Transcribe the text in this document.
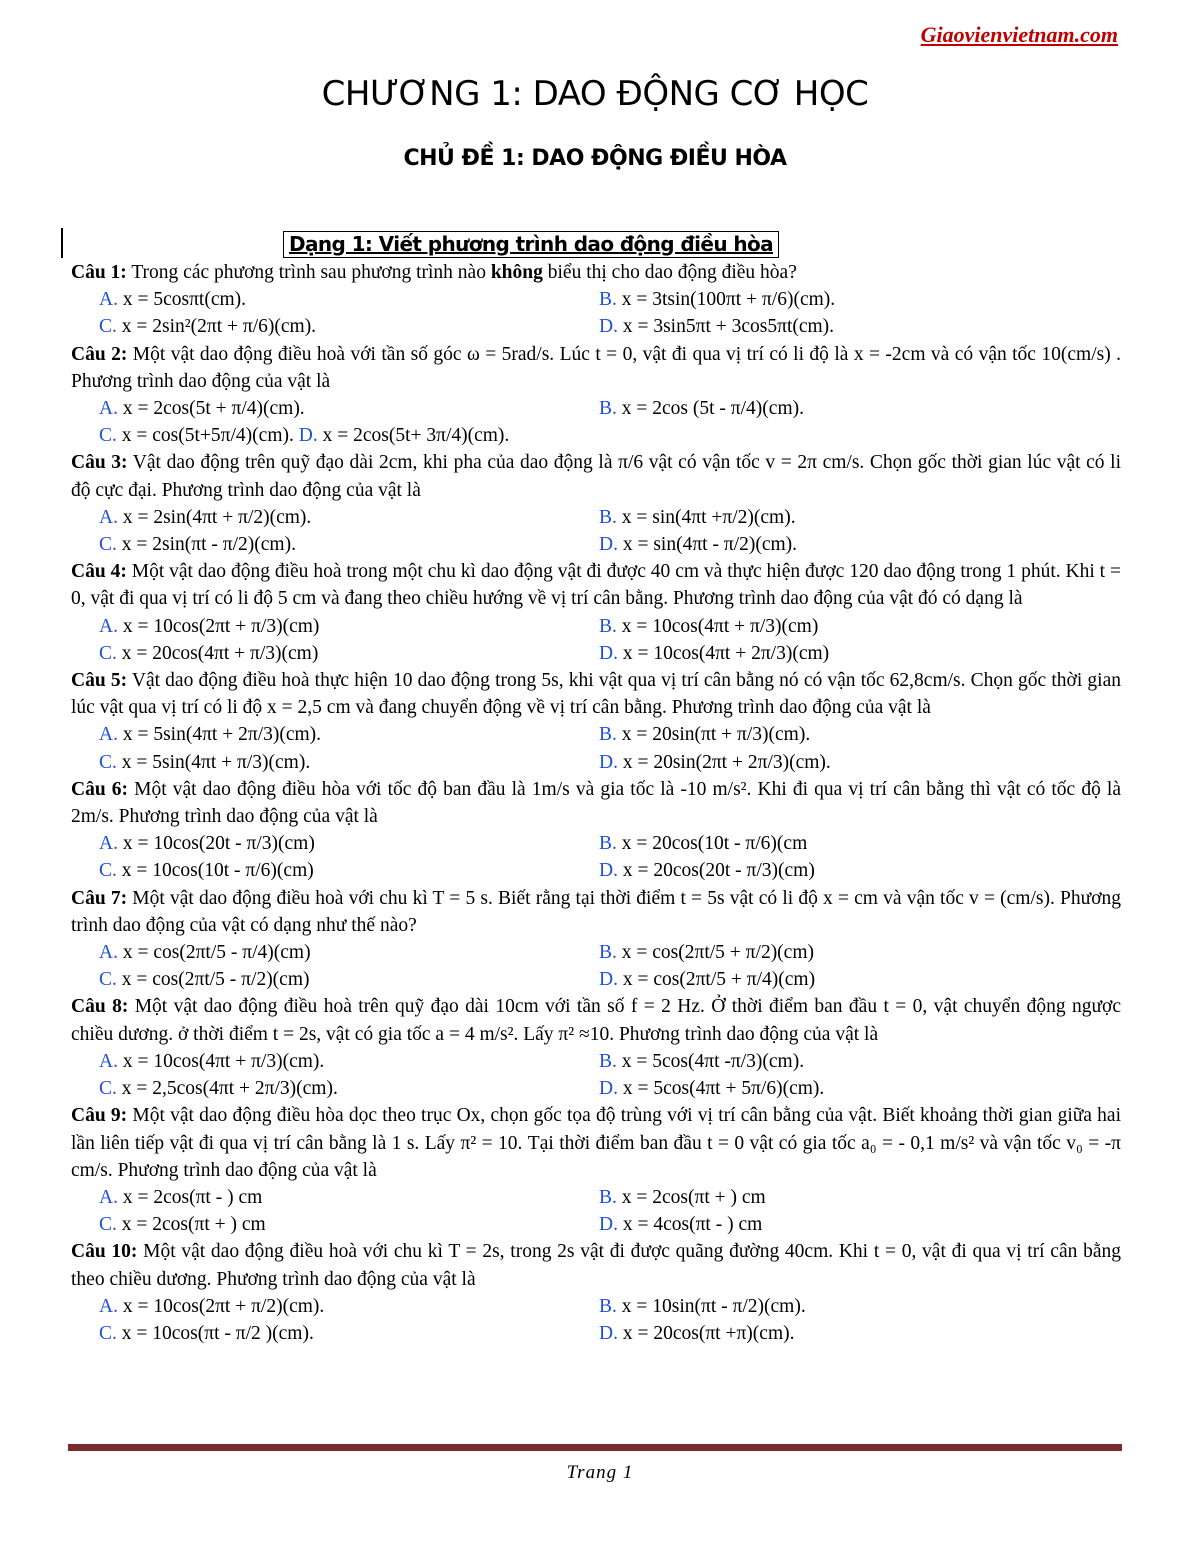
Giaovienvietnam.com
CHƯƠNG 1: DAO ĐỘNG CƠ HỌC
CHỦ ĐỀ 1: DAO ĐỘNG ĐIỀU HÒA
Dạng 1: Viết phương trình dao động điều hòa
Câu 1: Trong các phương trình sau phương trình nào không biểu thị cho dao động điều hòa?
A. x = 5cosπt(cm).	B. x = 3tsin(100πt + π/6)(cm).
C. x = 2sin²(2πt + π/6)(cm).	D. x = 3sin5πt + 3cos5πt(cm).
Câu 2: Một vật dao động điều hoà với tần số góc ω = 5rad/s. Lúc t = 0, vật đi qua vị trí có li độ là x = -2cm và có vận tốc 10(cm/s) . Phương trình dao động của vật là
A. x = 2cos(5t + π/4)(cm).	B. x = 2cos (5t - π/4)(cm).
C. x = cos(5t+5π/4)(cm). D. x = 2cos(5t+ 3π/4)(cm).
Câu 3: Vật dao động trên quỹ đạo dài 2cm, khi pha của dao động là π/6 vật có vận tốc v = 2π cm/s. Chọn gốc thời gian lúc vật có li độ cực đại. Phương trình dao động của vật là
A. x = 2sin(4πt + π/2)(cm).	B. x = sin(4πt +π/2)(cm).
C. x = 2sin(πt - π/2)(cm).	D. x = sin(4πt - π/2)(cm).
Câu 4: Một vật dao động điều hoà trong một chu kì dao động vật đi được 40 cm và thực hiện được 120 dao động trong 1 phút. Khi t = 0, vật đi qua vị trí có li độ 5 cm và đang theo chiều hướng về vị trí cân bằng. Phương trình dao động của vật đó có dạng là
A. x = 10cos(2πt + π/3)(cm)	B. x = 10cos(4πt + π/3)(cm)
C. x = 20cos(4πt + π/3)(cm)	D. x = 10cos(4πt + 2π/3)(cm)
Câu 5: Vật dao động điều hoà thực hiện 10 dao động trong 5s, khi vật qua vị trí cân bằng nó có vận tốc 62,8cm/s. Chọn gốc thời gian lúc vật qua vị trí có li độ x = 2,5 cm và đang chuyển động về vị trí cân bằng. Phương trình dao động của vật là
A. x = 5sin(4πt + 2π/3)(cm).	B. x = 20sin(πt + π/3)(cm).
C. x = 5sin(4πt + π/3)(cm).	D. x = 20sin(2πt + 2π/3)(cm).
Câu 6: Một vật dao động điều hòa với tốc độ ban đầu là 1m/s và gia tốc là -10 m/s². Khi đi qua vị trí cân bằng thì vật có tốc độ là 2m/s. Phương trình dao động của vật là
A. x = 10cos(20t - π/3)(cm)	B. x = 20cos(10t - π/6)(cm
C. x = 10cos(10t - π/6)(cm)	D. x = 20cos(20t - π/3)(cm)
Câu 7: Một vật dao động điều hoà với chu kì T = 5 s. Biết rằng tại thời điểm t = 5s vật có li độ x = cm và vận tốc v = (cm/s). Phương trình dao động của vật có dạng như thế nào?
A. x = cos(2πt/5 - π/4)(cm)	B. x = cos(2πt/5 + π/2)(cm)
C. x = cos(2πt/5 - π/2)(cm)	D. x = cos(2πt/5 + π/4)(cm)
Câu 8: Một vật dao động điều hoà trên quỹ đạo dài 10cm với tần số f = 2 Hz. Ở thời điểm ban đầu t = 0, vật chuyển động ngược chiều dương. ở thời điểm t = 2s, vật có gia tốc a = 4 m/s². Lấy π² ≈10. Phương trình dao động của vật là
A. x = 10cos(4πt + π/3)(cm).	B. x = 5cos(4πt -π/3)(cm).
C. x = 2,5cos(4πt + 2π/3)(cm).	D. x = 5cos(4πt + 5π/6)(cm).
Câu 9: Một vật dao động điều hòa dọc theo trục Ox, chọn gốc tọa độ trùng với vị trí cân bằng của vật. Biết khoảng thời gian giữa hai lần liên tiếp vật đi qua vị trí cân bằng là 1 s. Lấy π² = 10. Tại thời điểm ban đầu t = 0 vật có gia tốc a₀ = - 0,1 m/s² và vận tốc v₀ = -π cm/s. Phương trình dao động của vật là
A. x = 2cos(πt - ) cm	B. x = 2cos(πt + ) cm
C. x = 2cos(πt + ) cm	D. x = 4cos(πt - ) cm
Câu 10: Một vật dao động điều hoà với chu kì T = 2s, trong 2s vật đi được quãng đường 40cm. Khi t = 0, vật đi qua vị trí cân bằng theo chiều dương. Phương trình dao động của vật là
A. x = 10cos(2πt + π/2)(cm).	B. x = 10sin(πt - π/2)(cm).
C. x = 10cos(πt - π/2 )(cm).	D. x = 20cos(πt +π)(cm).
Trang 1
